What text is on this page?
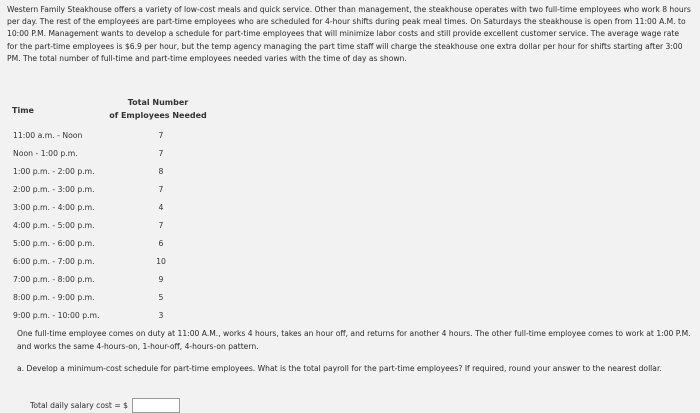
Western Family Steakhouse offers a variety of low-cost meals and quick service. Other than management, the steakhouse operates with two full-time employees who work 8 hours per day. The rest of the employees are part-time employees who are scheduled for 4-hour shifts during peak meal times. On Saturdays the steakhouse is open from 11:00 A.M. to 10:00 P.M. Management wants to develop a schedule for part-time employees that will minimize labor costs and still provide excellent customer service. The average wage rate for the part-time employees is $6.9 per hour, but the temp agency managing the part time staff will charge the steakhouse one extra dollar per hour for shifts starting after 3:00 PM. The total number of full-time and part-time employees needed varies with the time of day as shown.
Time
Total Number
of Employees Needed
11:00 a.m. - Noon	7
Noon - 1:00 p.m.	7
1:00 p.m. - 2:00 p.m.	8
2:00 p.m. - 3:00 p.m.	7
3:00 p.m. - 4:00 p.m.	4
4:00 p.m. - 5:00 p.m.	7
5:00 p.m. - 6:00 p.m.	6
6:00 p.m. - 7:00 p.m.	10
7:00 p.m. - 8:00 p.m.	9
8:00 p.m. - 9:00 p.m.	5
9:00 p.m. - 10:00 p.m.	3
One full-time employee comes on duty at 11:00 A.M., works 4 hours, takes an hour off, and returns for another 4 hours. The other full-time employee comes to work at 1:00 P.M. and works the same 4-hours-on, 1-hour-off, 4-hours-on pattern.
a. Develop a minimum-cost schedule for part-time employees. What is the total payroll for the part-time employees? If required, round your answer to the nearest dollar.
Total daily salary cost = $
